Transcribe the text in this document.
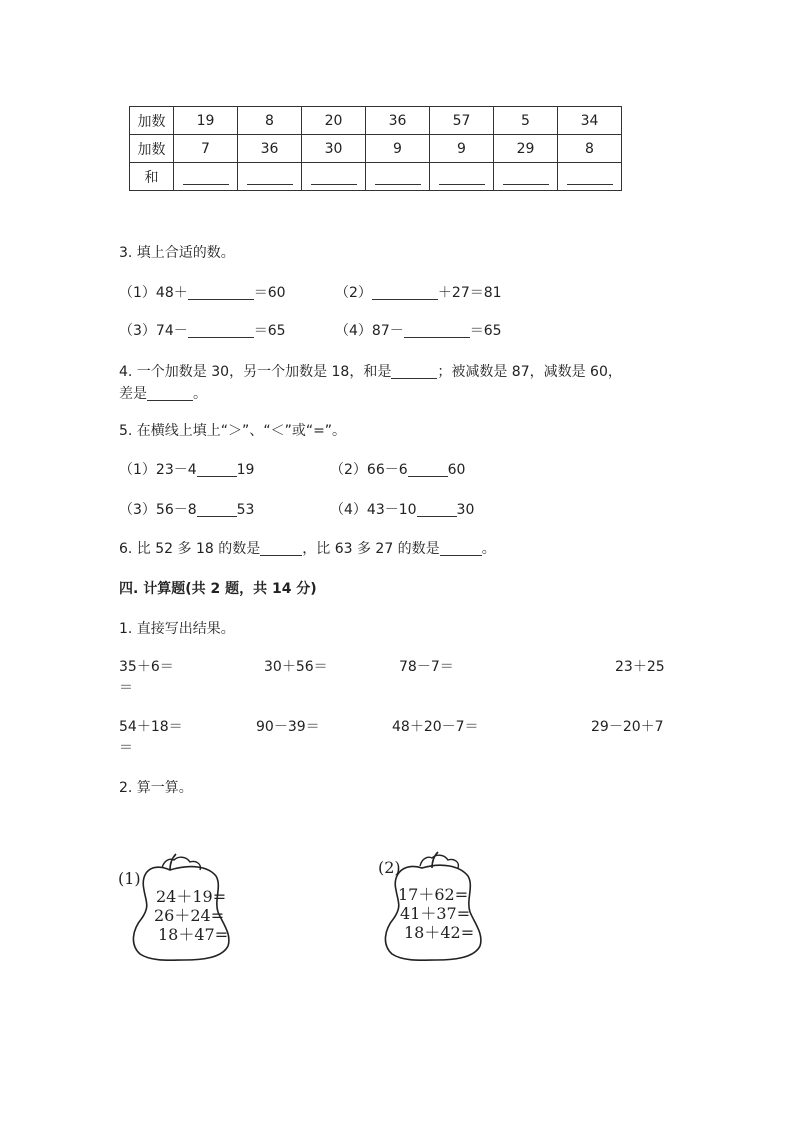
加数	19	8	20	36	57	5	34
加数	7	36	30	9	9	29	8
和							
3. 填上合适的数。
（1）48＋	＝60	（2）	＋27＝81
（3）74－	＝65	（4）87－	＝65
4. 一个加数是 30，另一个加数是 18，和是	；被减数是 87，减数是 60，
差是	。
5. 在横线上填上“＞”、“＜”或“=”。
（1）23－4	19	（2）66－6	60
（3）56－8	53	（4）43－10	30
6. 比 52 多 18 的数是	，比 63 多 27 的数是	。
四. 计算题(共 2 题，共 14 分)
1. 直接写出结果。
35＋6＝	30＋56＝	78－7＝	23＋25
＝
54＋18＝	90－39＝	48＋20－7＝	29－20＋7
＝
2. 算一算。
(1)
24＋19=
26＋24=
18＋47=
(2)
17＋62=
41＋37=
18＋42=
